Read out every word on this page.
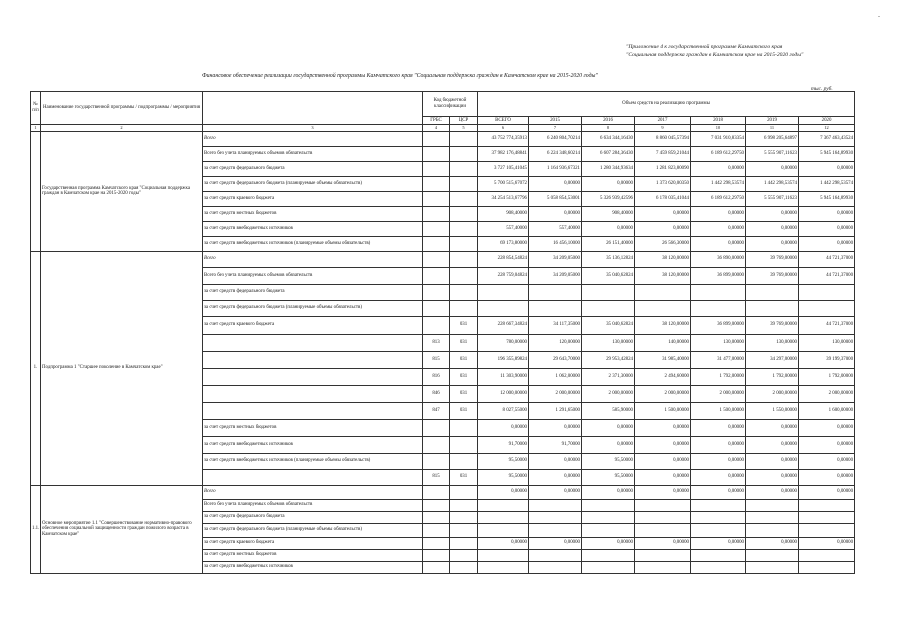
-
"Приложение 4 к государственной программе Камчатского края
"Социальная поддержка граждан в Камчатском крае на 2015-2020 годы"
Финансовое обеспечение реализации государственной программы Камчатского края "Социальная поддержка граждан в Камчатском крае на 2015-2020 годы"
тыс. руб.
№ п/п	Наименование государственной программы / подпрограммы / мероприятия		Код бюджетной классификации		Объем средств на реализацию программы						
			ГРБС	ЦСР	ВСЕГО	2015	2016	2017	2018	2019	2020
1	2	3	4	5	6	7	8	9	10	11	12
	Государственная программа Камчатского края "Социальная поддержка граждан в Камчатском крае на 2015-2020 годы"	Всего			43 752 774,35913	6 240 804,70214	6 634 344,16430	8 860 045,57394	7 031 910,83354	6 998 205,64897	7 367 463,43524
		Всего без учета планируемых объемов обязательств			37 982 176,48841	6 224 348,60214	6 607 284,36430	7 459 859,21044	6 189 612,29750	5 555 907,11623	5 945 164,89930
		за счет средств федерального бюджета			3 727 105,41045	1 164 936,67321	1 280 344,93634	1 281 823,80090	0,00000	0,00000	0,00000
		за счет средств федерального бюджета (планируемые объемы обязательств)			5 700 515,67072	0,00000	0,00000	1 373 620,00350	1 442 298,53574	1 442 298,53574	1 442 298,53574
		за счет средств краевого бюджета			34 254 513,67796	5 058 854,53001	5 326 939,42596	6 178 035,41044	6 189 612,29750	5 555 907,11623	5 945 164,89930
		за счет средств местных бюджетов			908,40000	0,00000	908,40000	0,00000	0,00000	0,00000	0,00000
		за счет средств внебюджетных источников			557,40000	557,40000	0,00000	0,00000	0,00000	0,00000	0,00000
		за счет средств внебюджетных источников (планируемые объемы обязательств)			69 173,80000	16 456,10000	26 151,40000	26 566,30000	0,00000	0,00000	0,00000
1.	Подпрограмма 1 "Старшее поколение в Камчатском крае"	Всего			228 854,54824	34 209,05000	35 136,12824	38 120,00000	36 890,00000	39 769,00000	44 721,37000
		Всего без учета планируемых объемов обязательств			228 759,04824	34 209,05000	35 040,62824	38 120,00000	36 899,00000	39 769,00000	44 721,37000
		за счет средств федерального бюджета									
		за счет средств федерального бюджета (планируемые объемы обязательств)									
		за счет средств краевого бюджета		031	228 667,34824	34 117,35000	35 040,62824	38 120,00000	36 899,00000	39 769,00000	44 721,37000
			813	031	780,00000	120,00000	130,00000	140,00000	130,00000	130,00000	130,00000
			815	031	196 355,89824	29 643,70000	29 953,42824	31 985,40000	31 477,00000	34 297,00000	39 199,37000
			816	031	11 303,90000	1 062,00000	2 371,30000	2 494,60000	1 792,00000	1 792,00000	1 792,00000
			846	031	12 000,00000	2 000,00000	2 000,00000	2 000,00000	2 000,00000	2 000,00000	2 000,00000
			847	031	8 027,55000	1 291,65000	585,90000	1 500,00000	1 500,00000	1 550,00000	1 600,00000
		за счет средств местных бюджетов			0,00000	0,00000	0,00000	0,00000	0,00000	0,00000	0,00000
		за счет средств внебюджетных источников			91,70000	91,70000	0,00000	0,00000	0,00000	0,00000	0,00000
		за счет средств внебюджетных источников (планируемые объемы обязательств)			95,50000	0,00000	95,50000	0,00000	0,00000	0,00000	0,00000
			815	031	95,50000	0,00000	95,50000	0,00000	0,00000	0,00000	0,00000
1.1.	Основное мероприятие 1.1 "Совершенствование нормативно-правового обеспечения социальной защищенности граждан пожилого возраста в Камчатском крае"	Всего			0,00000	0,00000	0,00000	0,00000	0,00000	0,00000	0,00000
		Всего без учета планируемых объемов обязательств									
		за счет средств федерального бюджета									
		за счет средств федерального бюджета (планируемые объемы обязательств)									
		за счет средств краевого бюджета			0,00000	0,00000	0,00000	0,00000	0,00000	0,00000	0,00000
		за счет средств местных бюджетов									
		за счет средств внебюджетных источников									
